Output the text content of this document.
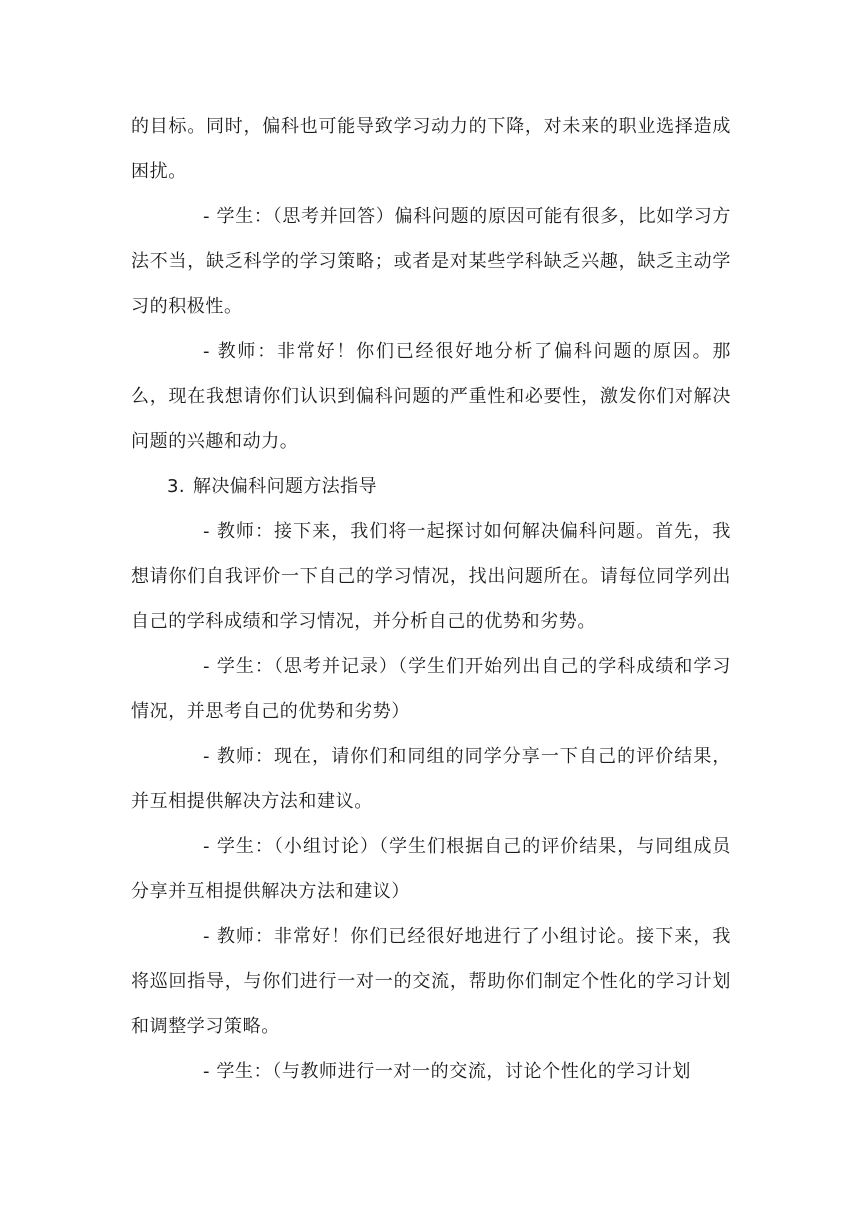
的目标。同时，偏科也可能导致学习动力的下降，对未来的职业选择造成困扰。

- 学生：（思考并回答）偏科问题的原因可能有很多，比如学习方法不当，缺乏科学的学习策略；或者是对某些学科缺乏兴趣，缺乏主动学习的积极性。

- 教师：非常好！你们已经很好地分析了偏科问题的原因。那么，现在我想请你们认识到偏科问题的严重性和必要性，激发你们对解决问题的兴趣和动力。

3. 解决偏科问题方法指导

- 教师：接下来，我们将一起探讨如何解决偏科问题。首先，我想请你们自我评价一下自己的学习情况，找出问题所在。请每位同学列出自己的学科成绩和学习情况，并分析自己的优势和劣势。

- 学生：（思考并记录）（学生们开始列出自己的学科成绩和学习情况，并思考自己的优势和劣势）

- 教师：现在，请你们和同组的同学分享一下自己的评价结果，并互相提供解决方法和建议。

- 学生：（小组讨论）（学生们根据自己的评价结果，与同组成员分享并互相提供解决方法和建议）

- 教师：非常好！你们已经很好地进行了小组讨论。接下来，我将巡回指导，与你们进行一对一的交流，帮助你们制定个性化的学习计划和调整学习策略。

- 学生：（与教师进行一对一的交流，讨论个性化的学习计划
